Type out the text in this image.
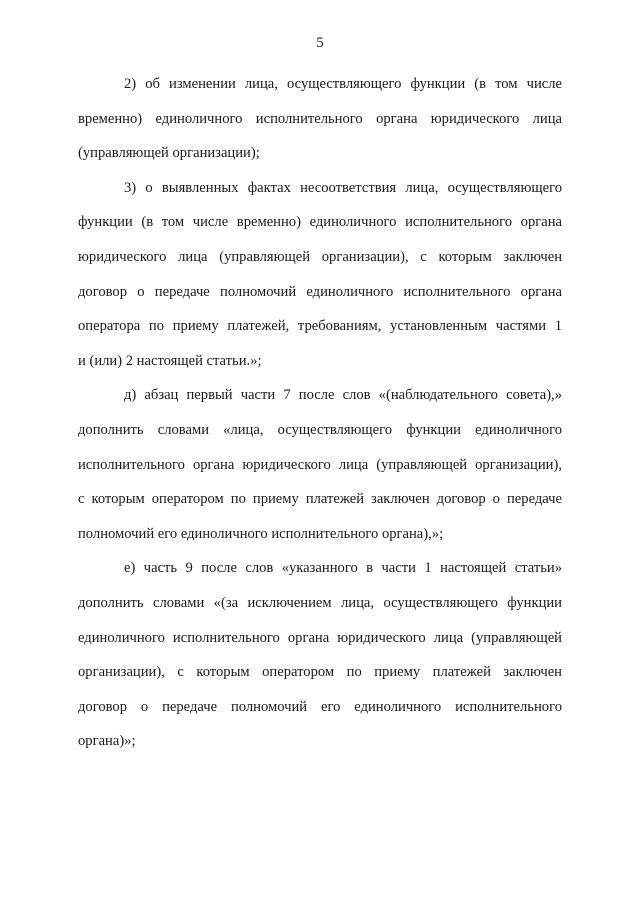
5
2) об изменении лица, осуществляющего функции (в том числе
временно) единоличного исполнительного органа юридического лица
(управляющей организации);
3) о выявленных фактах несоответствия лица, осуществляющего
функции (в том числе временно) единоличного исполнительного органа
юридического лица (управляющей организации), с которым заключен
договор о передаче полномочий единоличного исполнительного органа
оператора по приему платежей, требованиям, установленным частями 1
и (или) 2 настоящей статьи.»;
д) абзац первый части 7 после слов «(наблюдательного совета),»
дополнить словами «лица, осуществляющего функции единоличного
исполнительного органа юридического лица (управляющей организации),
с которым оператором по приему платежей заключен договор о передаче
полномочий его единоличного исполнительного органа),»;
е) часть 9 после слов «указанного в части 1 настоящей статьи»
дополнить словами «(за исключением лица, осуществляющего функции
единоличного исполнительного органа юридического лица (управляющей
организации), с которым оператором по приему платежей заключен
договор о передаче полномочий его единоличного исполнительного
органа)»;
